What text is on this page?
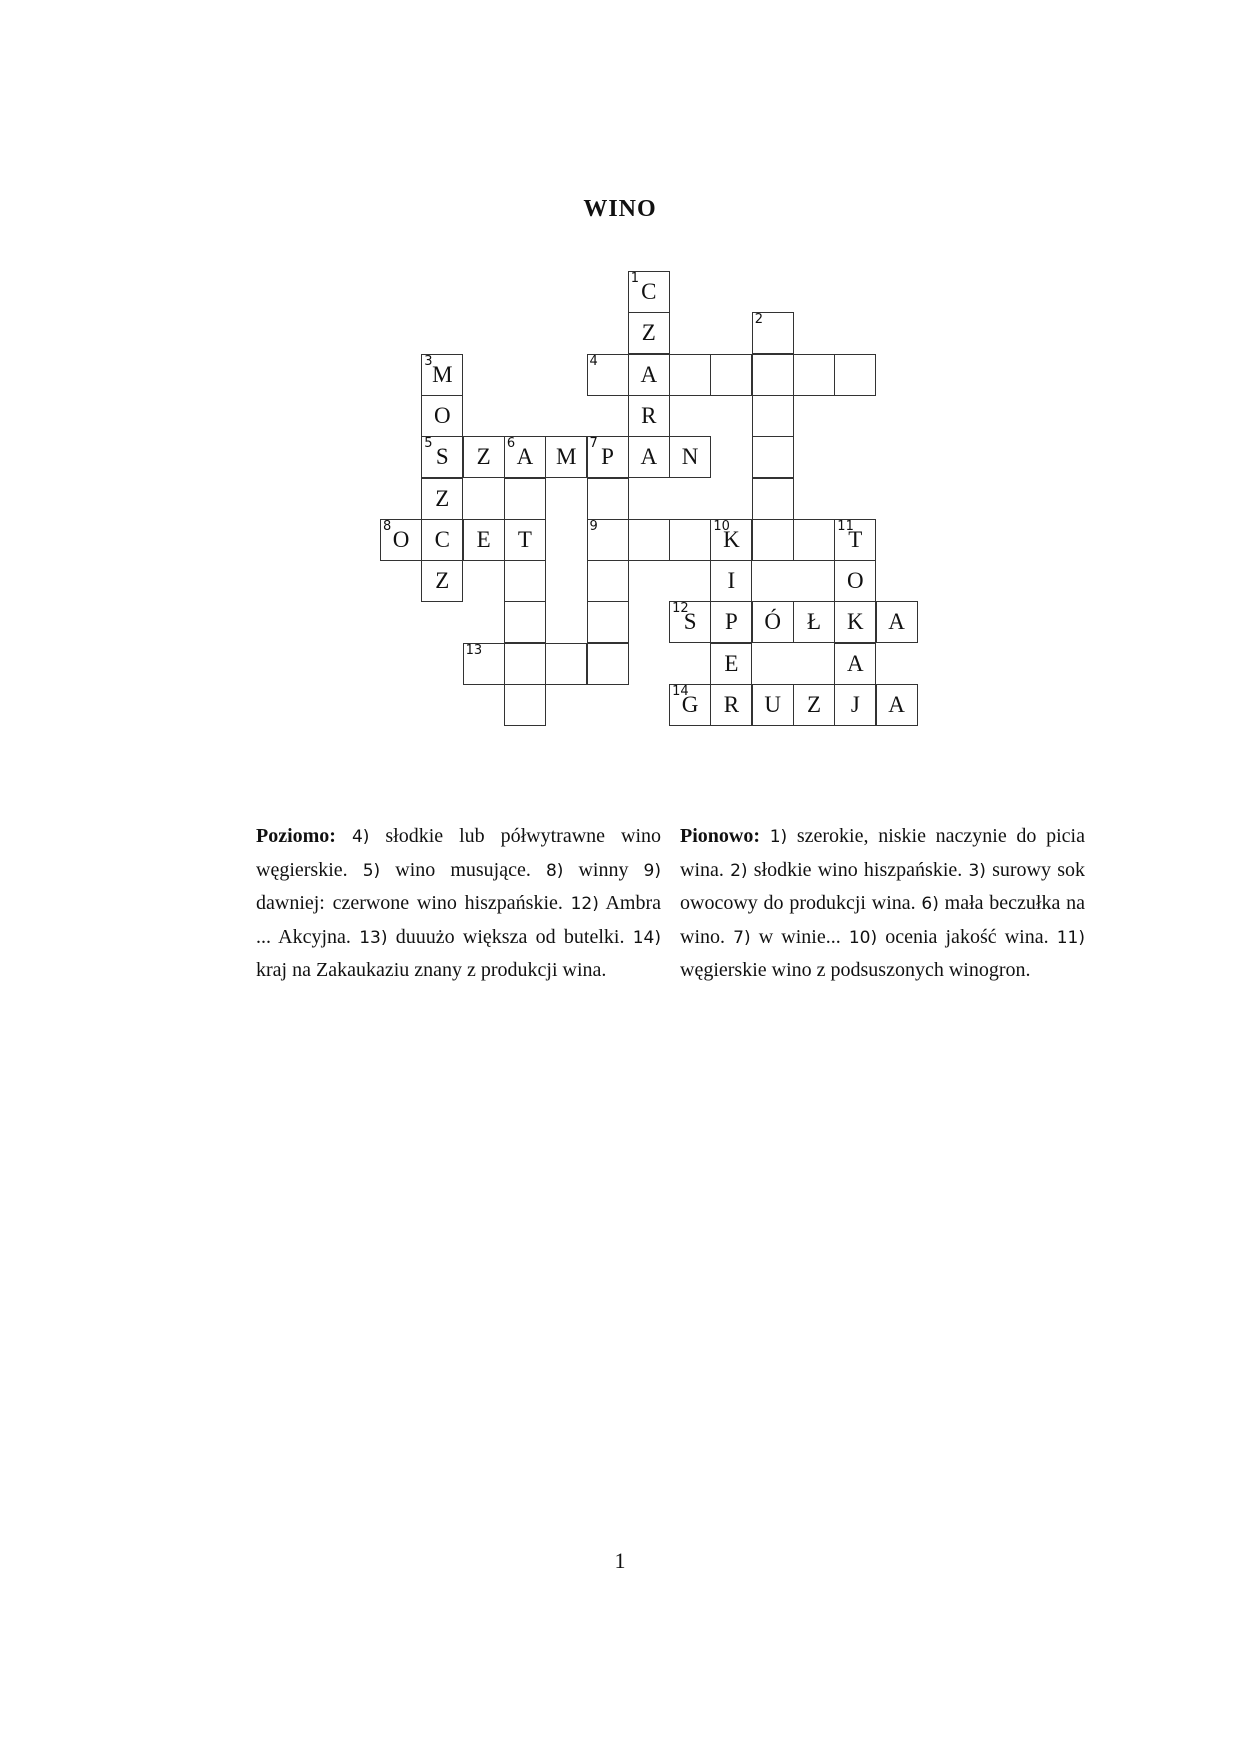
WINO
1
C
Z
2
3
M
4
A
O	R
5
S	Z
6
A M
7
P	A	N
Z
8
O	C	E	T
9	10
K
11
T
Z	I	O
12
S	P	Ó	Ł	K	A
13
E	A
14
G	R	U	Z	J	A
Poziomo: 4) słodkie lub półwytrawne wino węgierskie. 5) wino musujące. 8) winny 9) dawniej: czerwone wino hiszpańskie. 12) Ambra ... Akcyjna. 13) duuużo większa od butelki. 14) kraj na Zakaukaziu znany z produkcji wina.
Pionowo: 1) szerokie, niskie naczynie do picia wina. 2) słodkie wino hiszpańskie. 3) surowy sok owocowy do produkcji wina. 6) mała beczułka na wino. 7) w winie... 10) ocenia jakość wina. 11) węgierskie wino z podsuszonych winogron.
1
